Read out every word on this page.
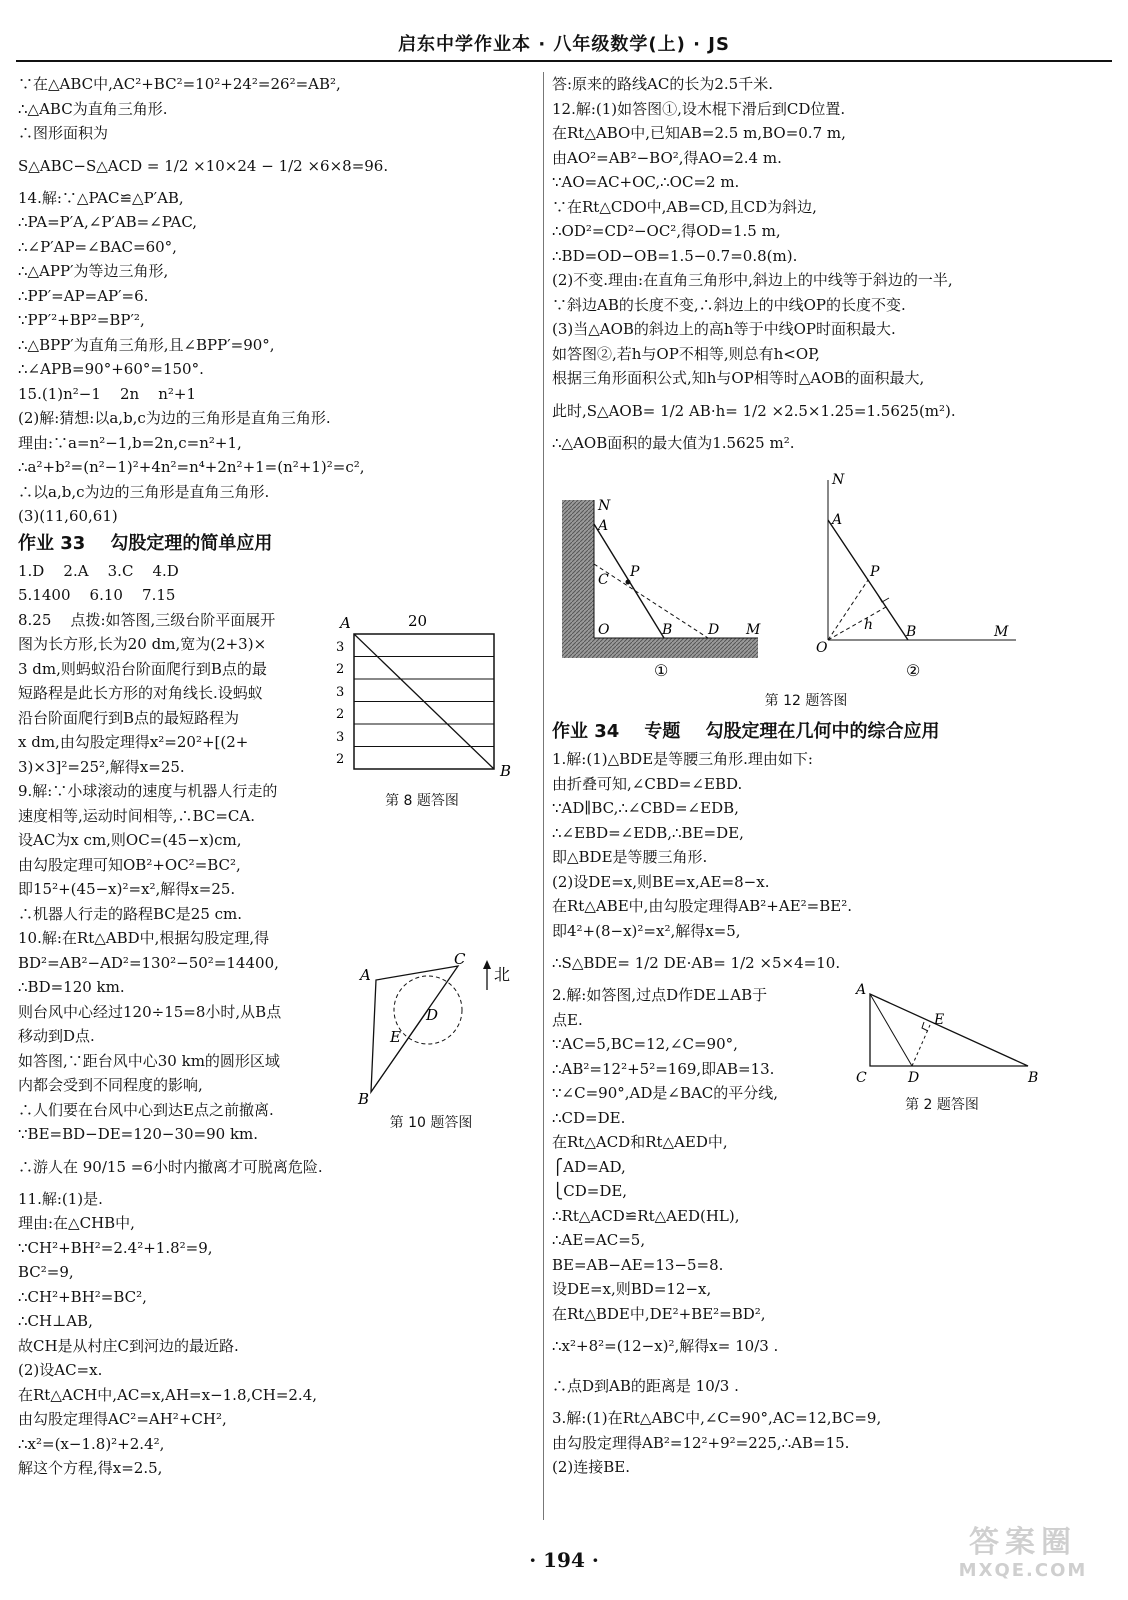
启东中学作业本 · 八年级数学(上) · JS
∵在△ABC中,AC²+BC²=10²+24²=26²=AB²,
∴△ABC为直角三角形.
∴图形面积为
S△ABC−S△ACD = 1/2 ×10×24 − 1/2 ×6×8=96.
14.解:∵△PAC≌△P′AB,
∴PA=P′A,∠P′AB=∠PAC,
∴∠P′AP=∠BAC=60°,
∴△APP′为等边三角形,
∴PP′=AP=AP′=6.
∵PP′²+BP²=BP′²,
∴△BPP′为直角三角形,且∠BPP′=90°,
∴∠APB=90°+60°=150°.
15.(1)n²−1    2n    n²+1
(2)解:猜想:以a,b,c为边的三角形是直角三角形.
理由:∵a=n²−1,b=2n,c=n²+1,
∴a²+b²=(n²−1)²+4n²=n⁴+2n²+1=(n²+1)²=c²,
∴以a,b,c为边的三角形是直角三角形.
(3)(11,60,61)
作业 33    勾股定理的简单应用
1.D    2.A    3.C    4.D
5.1400    6.10    7.15
8.25    点拨:如答图,三级台阶平面展开
图为长方形,长为20 dm,宽为(2+3)×
3 dm,则蚂蚁沿台阶面爬行到B点的最
短路程是此长方形的对角线长.设蚂蚁
沿台阶面爬行到B点的最短路程为
x dm,由勾股定理得x²=20²+[(2+
3)×3]²=25²,解得x=25.
9.解:∵小球滚动的速度与机器人行走的
速度相等,运动时间相等,∴BC=CA.
设AC为x cm,则OC=(45−x)cm,
由勾股定理可知OB²+OC²=BC²,
即15²+(45−x)²=x²,解得x=25.
∴机器人行走的路程BC是25 cm.
10.解:在Rt△ABD中,根据勾股定理,得
BD²=AB²−AD²=130²−50²=14400,
∴BD=120 km.
则台风中心经过120÷15=8小时,从B点
移动到D点.
如答图,∵距台风中心30 km的圆形区域
内都会受到不同程度的影响,
∴人们要在台风中心到达E点之前撤离.
∵BE=BD−DE=120−30=90 km.
∴游人在 90/15 =6小时内撤离才可脱离危险.
11.解:(1)是.
理由:在△CHB中,
∵CH²+BH²=2.4²+1.8²=9,
BC²=9,
∴CH²+BH²=BC²,
∴CH⊥AB,
故CH是从村庄C到河边的最近路.
(2)设AC=x.
在Rt△ACH中,AC=x,AH=x−1.8,CH=2.4,
由勾股定理得AC²=AH²+CH²,
∴x²=(x−1.8)²+2.4²,
解这个方程,得x=2.5,
A
B
20
3
2
3
2
3
2
第 8 题答图
A
B
C
D
E
北
第 10 题答图
答:原来的路线AC的长为2.5千米.
12.解:(1)如答图①,设木棍下滑后到CD位置.
在Rt△ABO中,已知AB=2.5 m,BO=0.7 m,
由AO²=AB²−BO²,得AO=2.4 m.
∵AO=AC+OC,∴OC=2 m.
∵在Rt△CDO中,AB=CD,且CD为斜边,
∴OD²=CD²−OC²,得OD=1.5 m,
∴BD=OD−OB=1.5−0.7=0.8(m).
(2)不变.理由:在直角三角形中,斜边上的中线等于斜边的一半,
∵斜边AB的长度不变,∴斜边上的中线OP的长度不变.
(3)当△AOB的斜边上的高h等于中线OP时面积最大.
如答图②,若h与OP不相等,则总有h<OP,
根据三角形面积公式,知h与OP相等时△AOB的面积最大,
此时,S△AOB= 1/2 AB·h= 1/2 ×2.5×1.25=1.5625(m²).
∴△AOB面积的最大值为1.5625 m².
作业 34    专题    勾股定理在几何中的综合应用
1.解:(1)△BDE是等腰三角形.理由如下:
由折叠可知,∠CBD=∠EBD.
∵AD∥BC,∴∠CBD=∠EDB,
∴∠EBD=∠EDB,∴BE=DE,
即△BDE是等腰三角形.
(2)设DE=x,则BE=x,AE=8−x.
在Rt△ABE中,由勾股定理得AB²+AE²=BE².
即4²+(8−x)²=x²,解得x=5,
∴S△BDE= 1/2 DE·AB= 1/2 ×5×4=10.
2.解:如答图,过点D作DE⊥AB于
点E.
∵AC=5,BC=12,∠C=90°,
∴AB²=12²+5²=169,即AB=13.
∵∠C=90°,AD是∠BAC的平分线,
∴CD=DE.
在Rt△ACD和Rt△AED中,
⎧AD=AD,
⎩CD=DE,
∴Rt△ACD≌Rt△AED(HL),
∴AE=AC=5,
BE=AB−AE=13−5=8.
设DE=x,则BD=12−x,
在Rt△BDE中,DE²+BE²=BD²,
∴x²+8²=(12−x)²,解得x= 10/3 .
∴点D到AB的距离是 10/3 .
3.解:(1)在Rt△ABC中,∠C=90°,AC=12,BC=9,
由勾股定理得AB²=12²+9²=225,∴AB=15.
(2)连接BE.
N
A
C P
O	B	D M
①
N
A
P
h
O
B	M
②
第 12 题答图
A
C	D	B
E
第 2 题答图
· 194 ·	答案圈
MXQE.COM
